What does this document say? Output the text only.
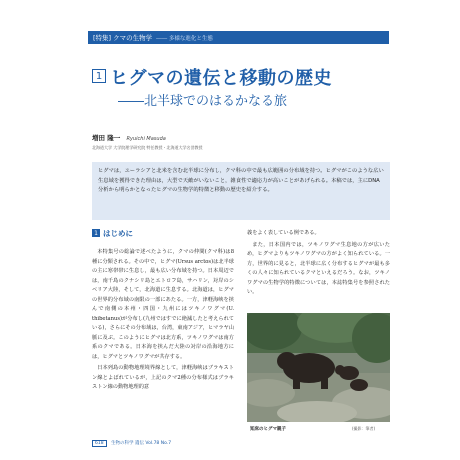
[特集] クマの生物学 ―― 多様な進化と生態
1 ヒグマの遺伝と移動の歴史
――北半球でのはるかなる旅
増田 隆一 Ryuichi Masuda
北海道大学 大学院理学研究院 特任教授・北海道大学名誉教授
ヒグマは，ユーラシアと北米を含む北半球に分布し，クマ科の中で最も広範囲の分布域を持つ。ヒグマがこのような広い生息域を獲得できた理由は，大型で天敵がいないこと，雑食性で適応力が高いことがあげられる。本稿では，主にDNA分析から明らかとなったヒグマの生物学的特徴と移動の歴史を紹介する。
1 はじめに

本特集号の総論で述べたように，クマの仲間(クマ科)は8種に分類される。その中で，ヒグマ(Ursus arctos)は北半球の主に寒帯帯に生息し，最も広い分布域を持つ。日本周辺では，南千島のクナシリ島とエトロフ島，サハリン，対岸のシベリア大陸，そして，北海道に生息する。北海道は，ヒグマの世界的分布域の南限の一部にあたる。一方，津軽海峡を挟んで南側の本州・四国・九州にはツキノワグマ(U. thibetanus)が分布し(九州ではすでに絶滅したと考えられている)，さらにその分布域は，台湾，東南アジア，ヒマラヤ山脈に及ぶ。このようにヒグマは北方系，ツキノワグマは南方系のクマである。日本海を挟んだ大陸の対岸の沿海地方には，ヒグマとツキノワグマが共存する。

日本列島の動物地理境界線として，津軽海峡はブラキストン線とよばれているが，上記のクマ2種の分布様式はブラキストン線の動物地理的意

義をよく表している例である。

また，日本国内では，ツキノワグマ生息地の方が広いため，ヒグマよりもツキノワグマの方がよく知られている。一方，世界的に見ると，北半球に広く分布するヒグマが最も多くの人々に知られているクマといえるだろう。なお，ツキノワグマの生物学的特徴については，本誌特集号を参照されたい。

知床のヒグマ親子	(撮影：筆者)
618 生物の科学 遺伝 Vol.78 No.7
